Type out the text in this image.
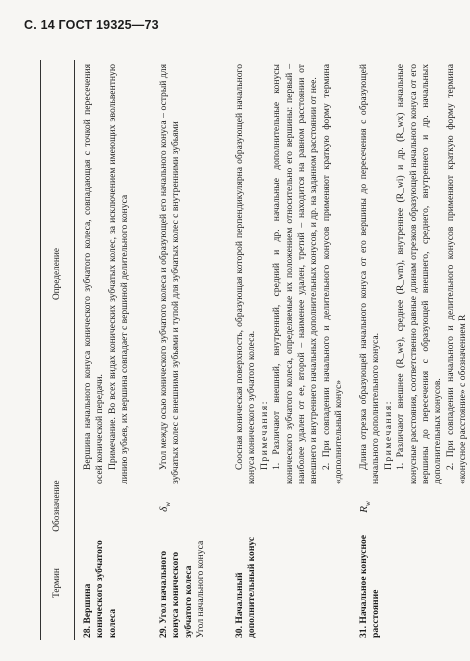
С. 14 ГОСТ 19325—73
Термин
Обозначение
Определение
28. Вершина конического зубчатого колеса

Вершина начального конуса конического зубчатого колеса, совпадающая с точкой пересечения осей конической передачи. Примечание. Во всех видах конических зубчатых колес, за исключением имеющих эвольвентную линию зубьев, их вершина совпадает с вершиной делительного конуса

29. Угол начального конуса конического зубчатого колеса Угол начального конуса
$\delta_w$

Угол между осью конического зубчатого колеса и образующей его начального конуса – острый для зубчатых колес с внешними зубьями и тупой для зубчатых колес с внутренними зубьями

30. Начальный дополнительный конус

Соосная коническая поверхность, образующая которой перпендикулярна образующей начального конуса конического зубчатого колеса. Примечания: 1. Различают внешний, внутренний, средний и др. начальные дополнительные конусы конического зубчатого колеса, определяемые их положением относительно его вершины: первый – наиболее удален от ее, второй – наименее удален, третий – находится на равном расстоянии от внешнего и внутреннего начальных дополнительных конусов, и др. на заданном расстоянии от нее. 2. При совпадении начального и делительного конусов применяют краткую форму термина «дополнительный конус»

31. Начальное конусное расстояние
$R_w$

Длина отрезка образующей начального конуса от его вершины до пересечения с образующей начального дополнительного конуса. Примечания: 1. Различают внешнее (R_we), среднее (R_wm), внутреннее (R_wi) и др. (R_wx) начальные конусные расстояния, соответственно равные длинам отрезков образующей начального конуса от его вершины до пересечения с образующей внешнего, среднего, внутреннего и др. начальных дополнительных конусов. 2. При совпадении начального и делительного конусов применяют краткую форму термина «конусное расстояние» с обозначением R
